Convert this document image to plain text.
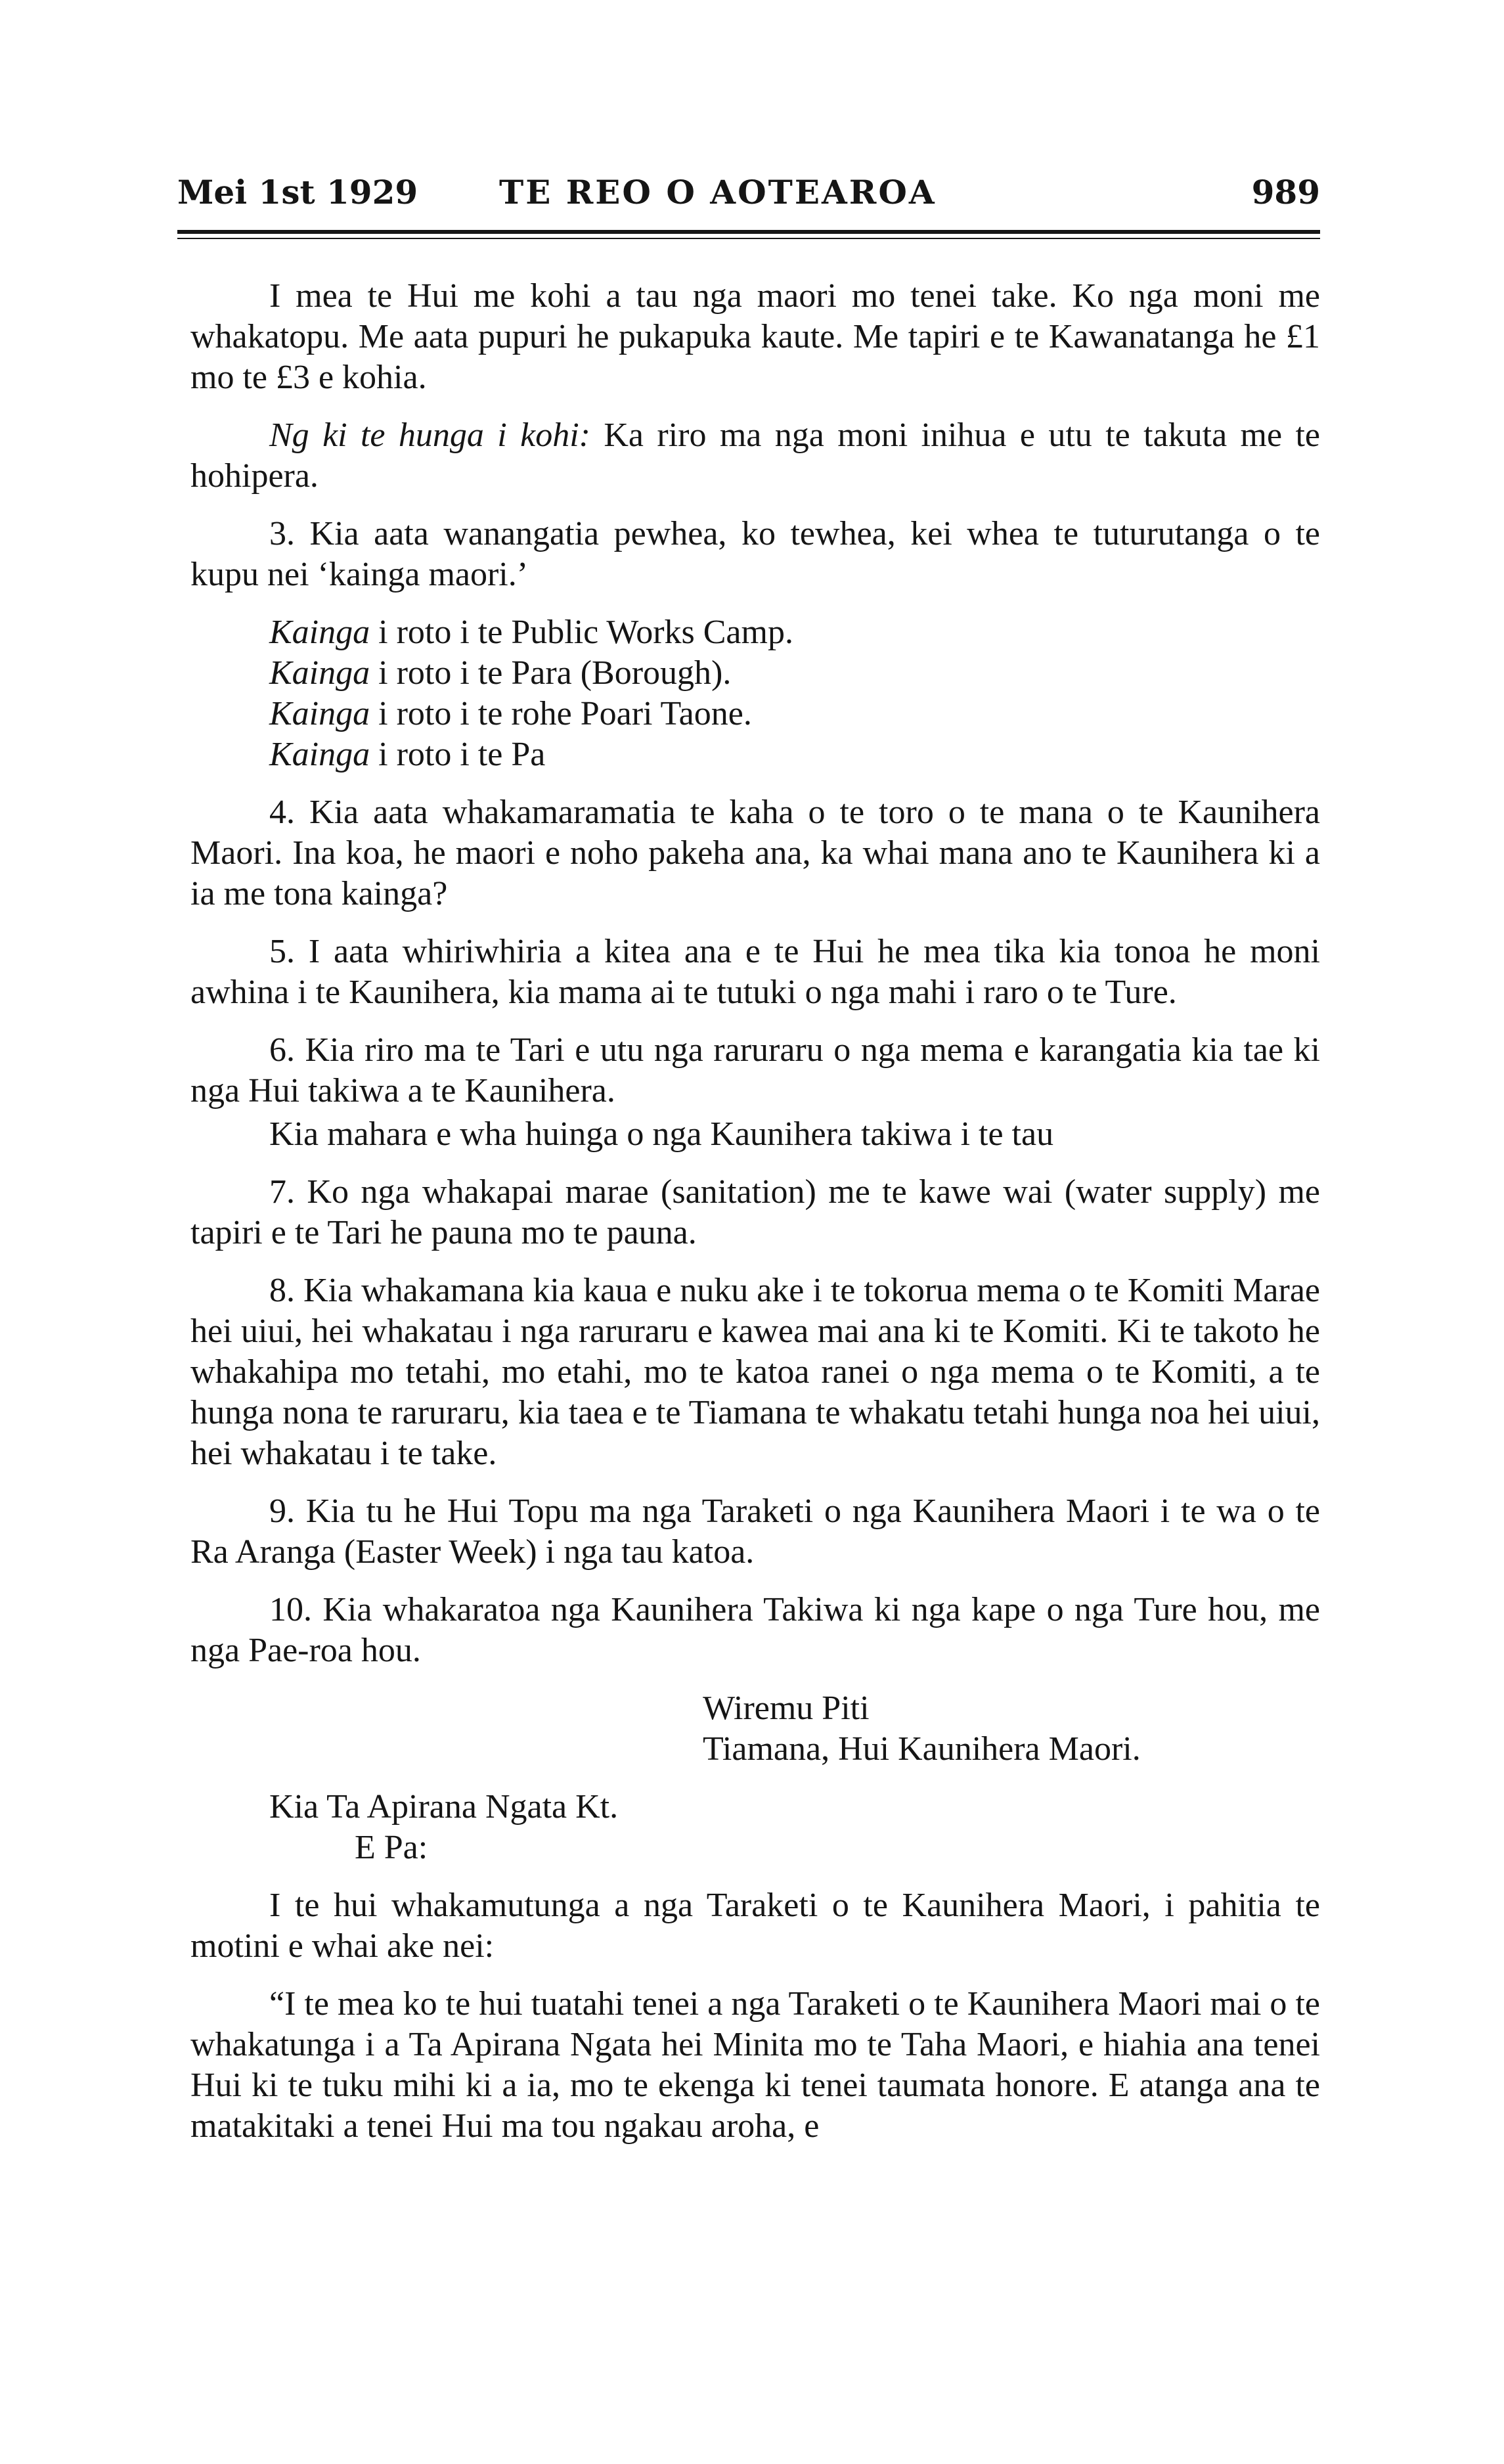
Mei 1st 1929 TE REO O AOTEAROA	989

I mea te Hui me kohi a tau nga maori mo tenei take. Ko nga moni me whakatopu. Me aata pupuri he pukapuka kaute. Me tapiri e te Kawanatanga he £1 mo te £3 e kohia.

Ng ki te hunga i kohi: Ka riro ma nga moni inihua e utu te takuta me te hohipera.

3. Kia aata wanangatia pewhea, ko tewhea, kei whea te tuturutanga o te kupu nei ‘kainga maori.’

Kainga i roto i te Public Works Camp.
Kainga i roto i te Para (Borough).
Kainga i roto i te rohe Poari Taone.
Kainga i roto i te Pa

4. Kia aata whakamaramatia te kaha o te toro o te mana o te Kaunihera Maori. Ina koa, he maori e noho pakeha ana, ka whai mana ano te Kaunihera ki a ia me tona kainga?

5. I aata whiriwhiria a kitea ana e te Hui he mea tika kia tonoa he moni awhina i te Kaunihera, kia mama ai te tutuki o nga mahi i raro o te Ture.

6. Kia riro ma te Tari e utu nga raruraru o nga mema e karangatia kia tae ki nga Hui takiwa a te Kaunihera.

Kia mahara e wha huinga o nga Kaunihera takiwa i te tau

7. Ko nga whakapai marae (sanitation) me te kawe wai (water supply) me tapiri e te Tari he pauna mo te pauna.

8. Kia whakamana kia kaua e nuku ake i te tokorua mema o te Komiti Marae hei uiui, hei whakatau i nga raruraru e kawea mai ana ki te Komiti. Ki te takoto he whakahipa mo tetahi, mo etahi, mo te katoa ranei o nga mema o te Komiti, a te hunga nona te raruraru, kia taea e te Tiamana te whakatu tetahi hunga noa hei uiui, hei whakatau i te take.

9. Kia tu he Hui Topu ma nga Taraketi o nga Kaunihera Maori i te wa o te Ra Aranga (Easter Week) i nga tau katoa.

10. Kia whakaratoa nga Kaunihera Takiwa ki nga kape o nga Ture hou, me nga Pae-roa hou.

Wiremu Piti
Tiamana, Hui Kaunihera Maori.
Kia Ta Apirana Ngata Kt.
E Pa:

I te hui whakamutunga a nga Taraketi o te Kaunihera Maori, i pahitia te motini e whai ake nei:

“I te mea ko te hui tuatahi tenei a nga Taraketi o te Kaunihera Maori mai o te whakatunga i a Ta Apirana Ngata hei Minita mo te Taha Maori, e hiahia ana tenei Hui ki te tuku mihi ki a ia, mo te ekenga ki tenei taumata honore. E atanga ana te matakitaki a tenei Hui ma tou ngakau aroha, e
